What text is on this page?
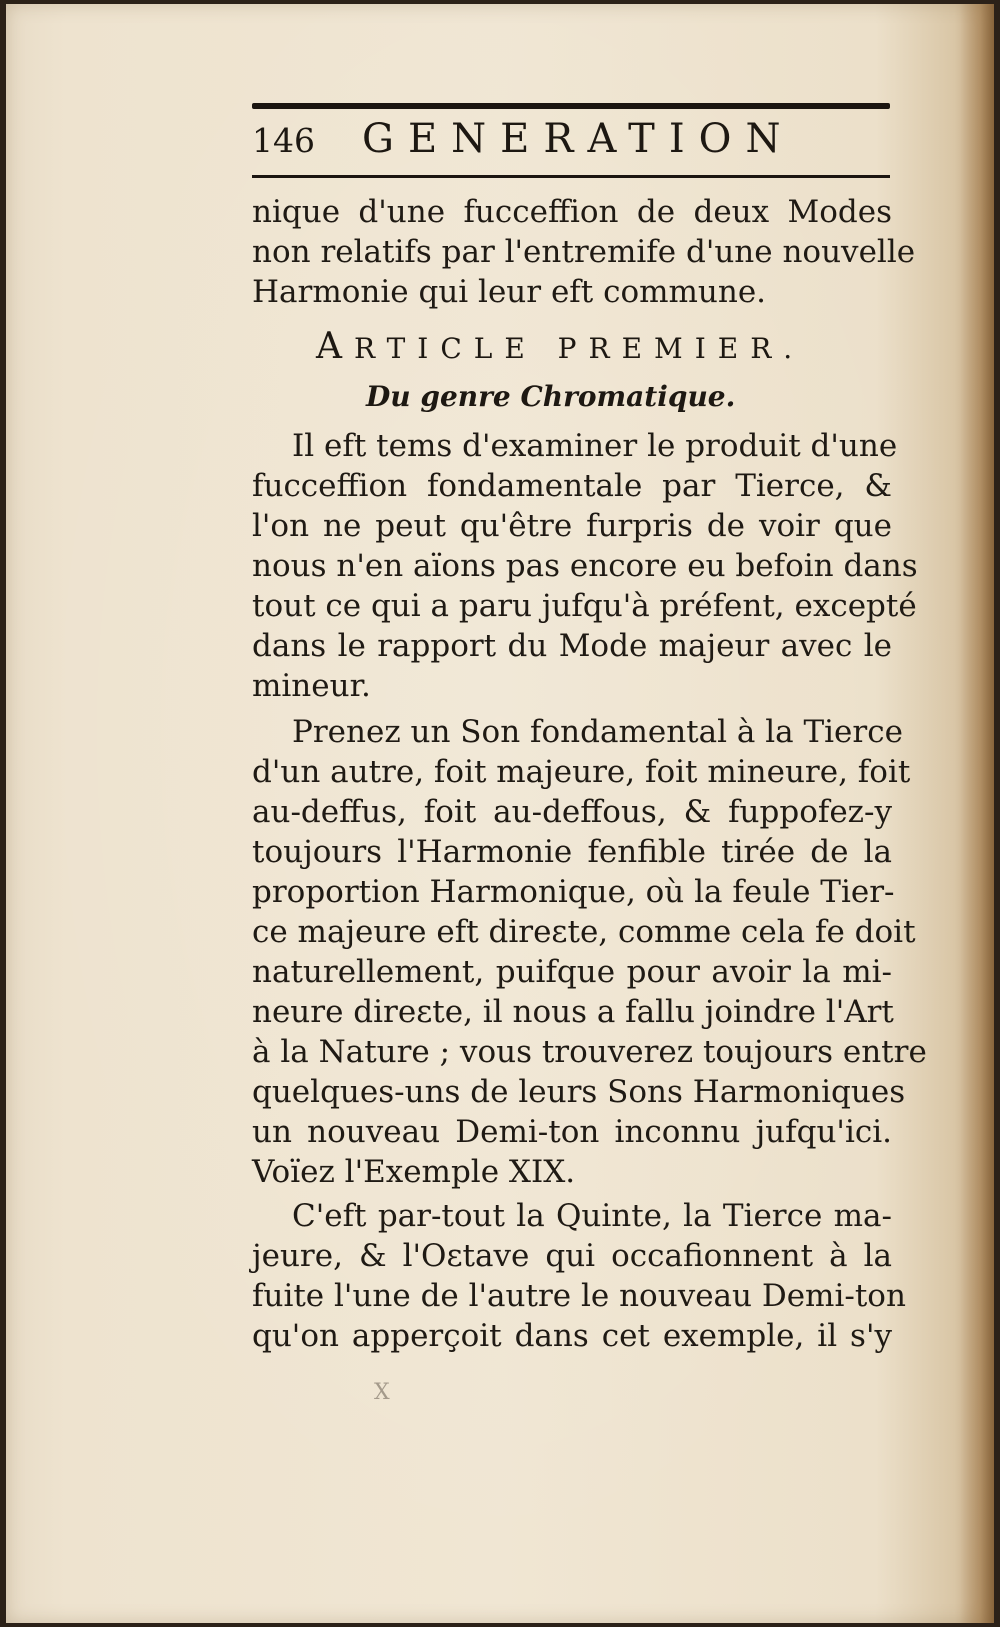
146	GENERATION

nique d'une fucceffion de deux Modes

non relatifs par l'entremife d'une nouvelle

Harmonie qui leur eft commune.

ARTICLE PREMIER.
Du genre Chromatique.

Il eft tems d'examiner le produit d'une

fucceffion fondamentale par Tierce, &

l'on ne peut qu'être furpris de voir que

nous n'en aïons pas encore eu befoin dans

tout ce qui a paru jufqu'à préfent, excepté

dans le rapport du Mode majeur avec le

mineur.

Prenez un Son fondamental à la Tierce

d'un autre, foit majeure, foit mineure, foit

au-deffus, foit au-deffous, & fuppofez-y

toujours l'Harmonie fenfible tirée de la

proportion Harmonique, où la feule Tier-

ce majeure eft direɛte, comme cela fe doit

naturellement, puifque pour avoir la mi-

neure direɛte, il nous a fallu joindre l'Art

à la Nature ; vous trouverez toujours entre

quelques-uns de leurs Sons Harmoniques

un nouveau Demi-ton inconnu jufqu'ici.

Voïez l'Exemple XIX.

C'eft par-tout la Quinte, la Tierce ma-

jeure, & l'Oɛtave qui occafionnent à la

fuite l'une de l'autre le nouveau Demi-ton

qu'on apperçoit dans cet exemple, il s'y

X
